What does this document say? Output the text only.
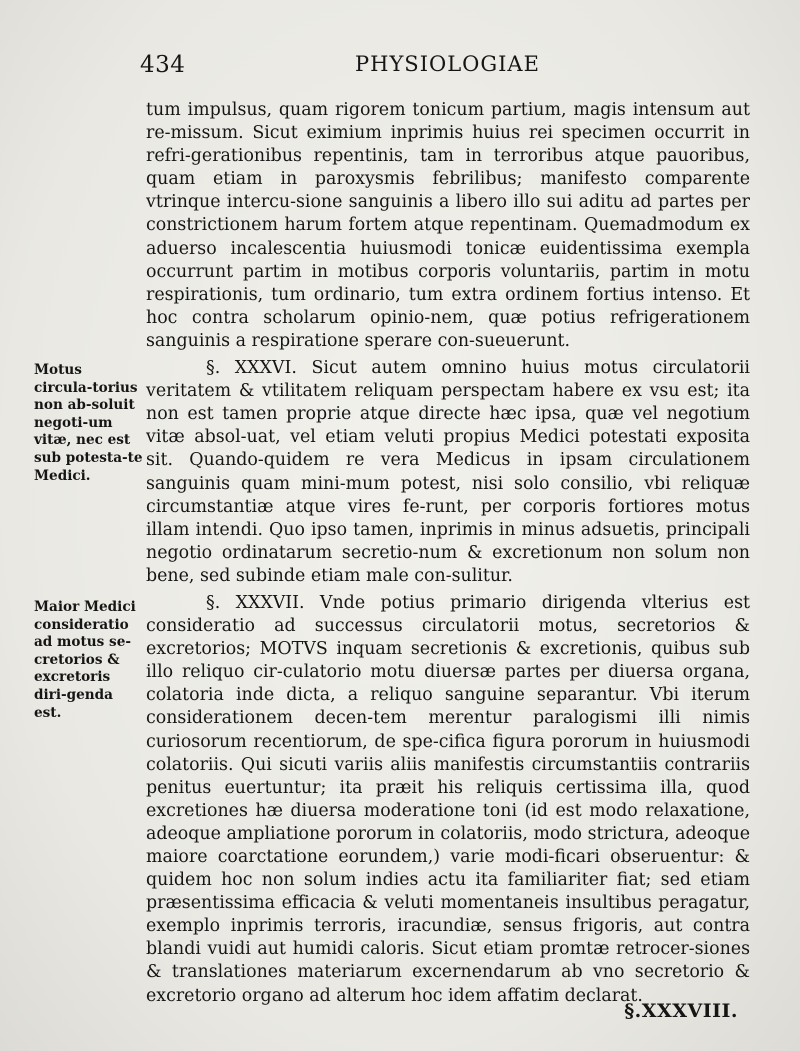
434	PHYSIOLOGIAE
Motus circula-torius non ab-soluit negoti-um vitæ, nec est sub potesta-te Medici.
Maior Medici consideratio ad motus se-cretorios & excretoris diri-genda est.

tum impulsus, quam rigorem tonicum partium, magis intensum aut re-missum. Sicut eximium inprimis huius rei specimen occurrit in refri-gerationibus repentinis, tam in terroribus atque pauoribus, quam etiam in paroxysmis febrilibus; manifesto comparente vtrinque intercu-sione sanguinis a libero illo sui aditu ad partes per constrictionem harum fortem atque repentinam. Quemadmodum ex aduerso incalescentia huiusmodi tonicæ euidentissima exempla occurrunt partim in motibus corporis voluntariis, partim in motu respirationis, tum ordinario, tum extra ordinem fortius intenso. Et hoc contra scholarum opinio-nem, quæ potius refrigerationem sanguinis a respiratione sperare con-sueuerunt.

§. XXXVI. Sicut autem omnino huius motus circulatorii veritatem & vtilitatem reliquam perspectam habere ex vsu est; ita non est tamen proprie atque directe hæc ipsa, quæ vel negotium vitæ absol-uat, vel etiam veluti propius Medici potestati exposita sit. Quando-quidem re vera Medicus in ipsam circulationem sanguinis quam mini-mum potest, nisi solo consilio, vbi reliquæ circumstantiæ atque vires fe-runt, per corporis fortiores motus illam intendi. Quo ipso tamen, inprimis in minus adsuetis, principali negotio ordinatarum secretio-num & excretionum non solum non bene, sed subinde etiam male con-sulitur.

§. XXXVII. Vnde potius primario dirigenda vlterius est consideratio ad successus circulatorii motus, secretorios & excretorios; MOTVS inquam secretionis & excretionis, quibus sub illo reliquo cir-culatorio motu diuersæ partes per diuersa organa, colatoria inde dicta, a reliquo sanguine separantur. Vbi iterum considerationem decen-tem merentur paralogismi illi nimis curiosorum recentiorum, de spe-cifica figura pororum in huiusmodi colatoriis. Qui sicuti variis aliis manifestis circumstantiis contrariis penitus euertuntur; ita præit his reliquis certissima illa, quod excretiones hæ diuersa moderatione toni (id est modo relaxatione, adeoque ampliatione pororum in colatoriis, modo strictura, adeoque maiore coarctatione eorundem,) varie modi-ficari obseruentur: & quidem hoc non solum indies actu ita familiariter fiat; sed etiam præsentissima efficacia & veluti momentaneis insultibus peragatur, exemplo inprimis terroris, iracundiæ, sensus frigoris, aut contra blandi vuidi aut humidi caloris. Sicut etiam promtæ retrocer-siones & translationes materiarum excernendarum ab vno secretorio & excretorio organo ad alterum hoc idem affatim declarat.

§.XXXVIII.
